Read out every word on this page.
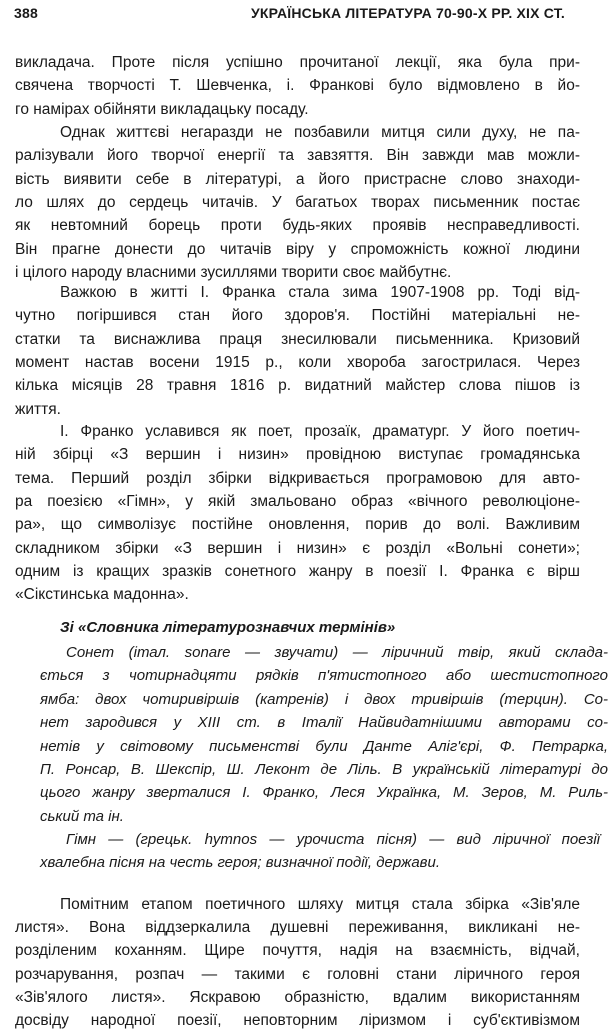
388	УКРАЇНСЬКА ЛІТЕРАТУРА 70-90-Х РР. XIX СТ.
викладача. Проте після успішно прочитаної лекції, яка була при-
свячена творчості Т. Шевченка, і. Франкові було відмовлено в йо-
го намірах обійняти викладацьку посаду.
Однак життєві негаразди не позбавили митця сили духу, не па-
ралізували його творчої енергії та завзяття. Він завжди мав можли-
вість виявити себе в літературі, а його пристрасне слово знаходи-
ло шлях до сердець читачів. У багатьох творах письменник постає
як невтомний борець проти будь-яких проявів несправедливості.
Він прагне донести до читачів віру у спроможність кожної людини
і цілого народу власними зусиллями творити своє майбутнє.
Важкою в житті І. Франка стала зима 1907-1908 рр. Тоді від-
чутно погіршився стан його здоров'я. Постійні матеріальні не-
статки та виснажлива праця знесилювали письменника. Кризовий
момент настав восени 1915 р., коли хвороба загострилася. Через
кілька місяців 28 травня 1816 р. видатний майстер слова пішов із
життя.
І. Франко уславився як поет, прозаїк, драматург. У його поетич-
ній збірці «З вершин і низин» провідною виступає громадянська
тема. Перший розділ збірки відкривається програмовою для авто-
ра поезією «Гімн», у якій змальовано образ «вічного революціоне-
ра», що символізує постійне оновлення, порив до волі. Важливим
складником збірки «З вершин і низин» є розділ «Вольні сонети»;
одним із кращих зразків сонетного жанру в поезії І. Франка є вірш
«Сікстинська мадонна».
Зі «Словника літературознавчих термінів»
Сонет (італ. sonare — звучати) — ліричний твір, який склада-
ється з чотирнадцяти рядків п'ятистопного або шестистопного
ямба: двох чотиривіршів (катренів) і двох тривіршів (терцин). Со-
нет зародився у XIII ст. в Італії Найвидатнішими авторами со-
нетів у світовому письменстві були Данте Аліг'єрі, Ф. Петрарка,
П. Ронсар, В. Шекспір, Ш. Леконт де Ліль. В українській літературі до
цього жанру зверталися І. Франко, Леся Українка, М. Зеров, М. Риль-
ський та ін.
Гімн — (грецьк. hymnos — урочиста пісня) — вид ліричної поезії
хвалебна пісня на честь героя; визначної події, держави.
Помітним етапом поетичного шляху митця стала збірка «Зів'яле
листя». Вона віддзеркалила душевні переживання, викликані не-
розділеним коханням. Щире почуття, надія на взаємність, відчай,
розчарування, розпач — такими є головні стани ліричного героя
«Зів'ялого листя». Яскравою образністю, вдалим використанням
досвіду народної поезії, неповторним ліризмом і суб'єктивізмом
